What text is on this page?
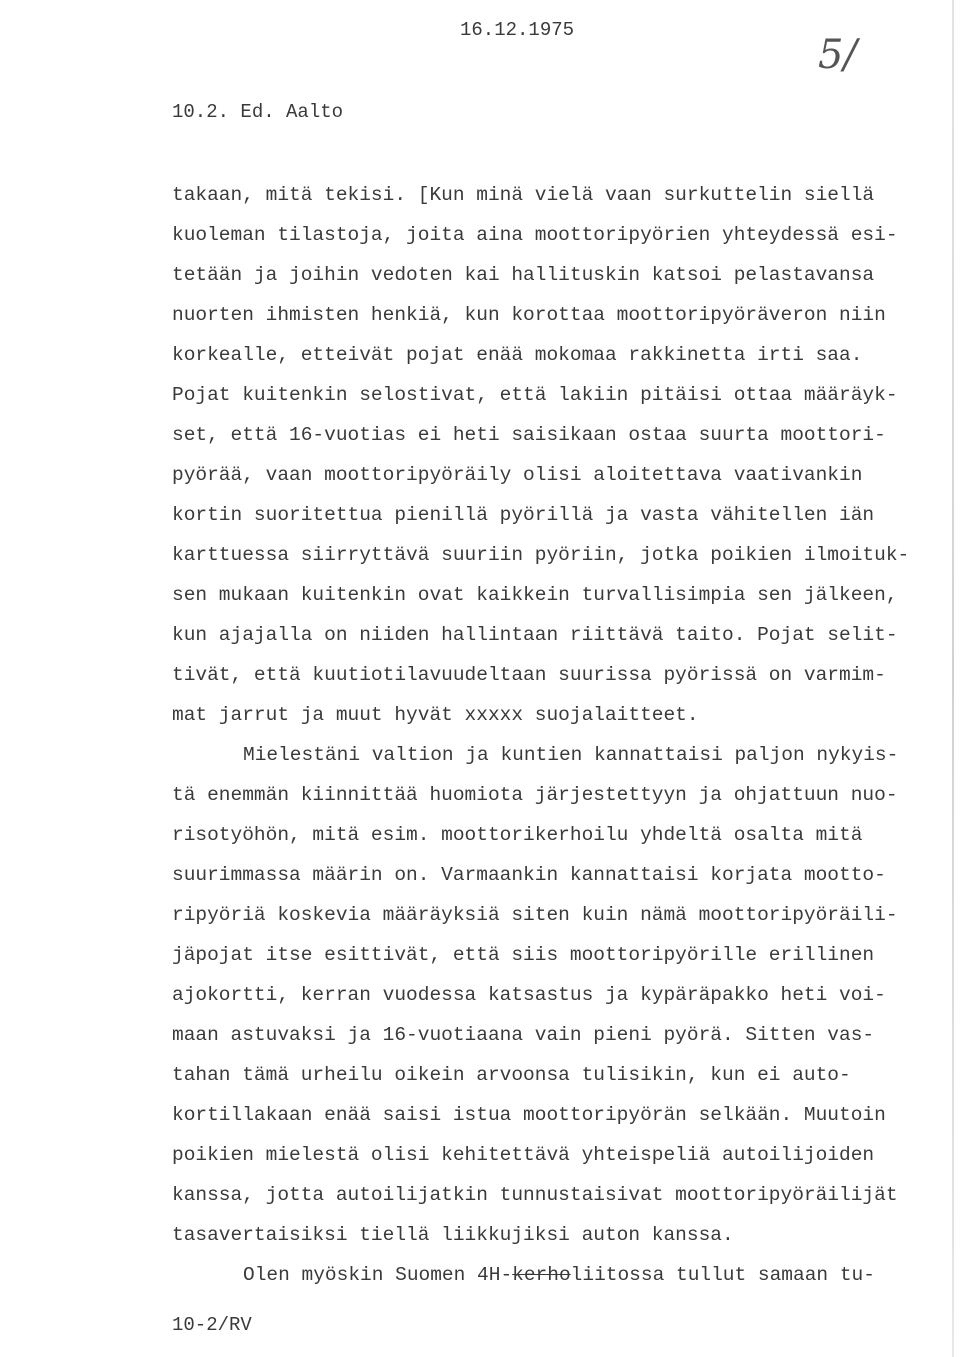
16.12.1975
5/
10.2. Ed. Aalto
takaan, mitä tekisi. [Kun minä vielä vaan surkuttelin siellä
kuoleman tilastoja, joita aina moottoripyörien yhteydessä esi-
tetään ja joihin vedoten kai hallituskin katsoi pelastavansa
nuorten ihmisten henkiä, kun korottaa moottoripyöräveron niin
korkealle, etteivät pojat enää mokomaa rakkinetta irti saa.
Pojat kuitenkin selostivat, että lakiin pitäisi ottaa määräyk-
set, että 16-vuotias ei heti saisikaan ostaa suurta moottori-
pyörää, vaan moottoripyöräily olisi aloitettava vaativankin
kortin suoritettua pienillä pyörillä ja vasta vähitellen iän
karttuessa siirryttävä suuriin pyöriin, jotka poikien ilmoituk-
sen mukaan kuitenkin ovat kaikkein turvallisimpia sen jälkeen,
kun ajajalla on niiden hallintaan riittävä taito. Pojat selit-
tivät, että kuutiotilavuudeltaan suurissa pyörissä on varmim-
mat jarrut ja muut hyvät xxxxx suojalaitteet.
Mielestäni valtion ja kuntien kannattaisi paljon nykyis-
tä enemmän kiinnittää huomiota järjestettyyn ja ohjattuun nuo-
risotyöhön, mitä esim. moottorikerhoilu yhdeltä osalta mitä
suurimmassa määrin on. Varmaankin kannattaisi korjata mootto-
ripyöriä koskevia määräyksiä siten kuin nämä moottoripyöräili-
jäpojat itse esittivät, että siis moottoripyörille erillinen
ajokortti, kerran vuodessa katsastus ja kypäräpakko heti voi-
maan astuvaksi ja 16-vuotiaana vain pieni pyörä. Sitten vas-
tahan tämä urheilu oikein arvoonsa tulisikin, kun ei auto-
kortillakaan enää saisi istua moottoripyörän selkään. Muutoin
poikien mielestä olisi kehitettävä yhteispeliä autoilijoiden
kanssa, jotta autoilijatkin tunnustaisivat moottoripyöräilijät
tasavertaisiksi tiellä liikkujiksi auton kanssa.
Olen myöskin Suomen 4H-kerholiitossa tullut samaan tu-
10-2/RV
